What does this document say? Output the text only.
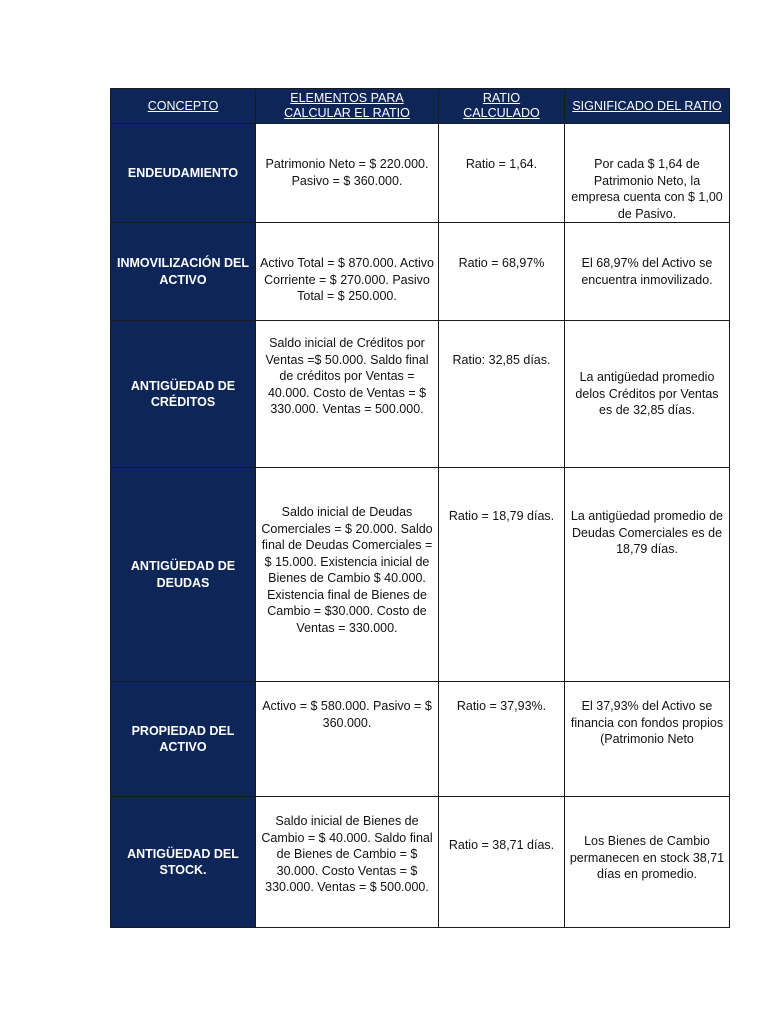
CONCEPTO	ELEMENTOS PARA CALCULAR EL RATIO	RATIO CALCULADO	SIGNIFICADO DEL RATIO
ENDEUDAMIENTO	Patrimonio Neto = $ 220.000. Pasivo = $ 360.000.	Ratio = 1,64.	Por cada $ 1,64 de Patrimonio Neto, la empresa cuenta con $ 1,00 de Pasivo.
INMOVILIZACIÓN DEL ACTIVO	Activo Total = $ 870.000. Activo Corriente = $ 270.000. Pasivo Total = $ 250.000.	Ratio = 68,97%	El 68,97% del Activo se encuentra inmovilizado.
ANTIGÜEDAD DE CRÉDITOS	Saldo inicial de Créditos por Ventas =$ 50.000. Saldo final de créditos por Ventas = 40.000. Costo de Ventas = $ 330.000. Ventas = 500.000.	Ratio: 32,85 días.	La antigüedad promedio delos Créditos por Ventas es de 32,85 días.
ANTIGÜEDAD DE DEUDAS	Saldo inicial de Deudas Comerciales = $ 20.000. Saldo final de Deudas Comerciales = $ 15.000. Existencia inicial de Bienes de Cambio $ 40.000. Existencia final de Bienes de Cambio = $30.000. Costo de Ventas = 330.000.	Ratio = 18,79 días.	La antigüedad promedio de Deudas Comerciales es de 18,79 días.
PROPIEDAD DEL ACTIVO	Activo = $ 580.000. Pasivo = $ 360.000.	Ratio = 37,93%.	El 37,93% del Activo se financia con fondos propios (Patrimonio Neto
ANTIGÜEDAD DEL STOCK.	Saldo inicial de Bienes de Cambio = $ 40.000. Saldo final de Bienes de Cambio = $ 30.000. Costo Ventas = $ 330.000. Ventas = $ 500.000.	Ratio = 38,71 días.	Los Bienes de Cambio permanecen en stock 38,71 días en promedio.
